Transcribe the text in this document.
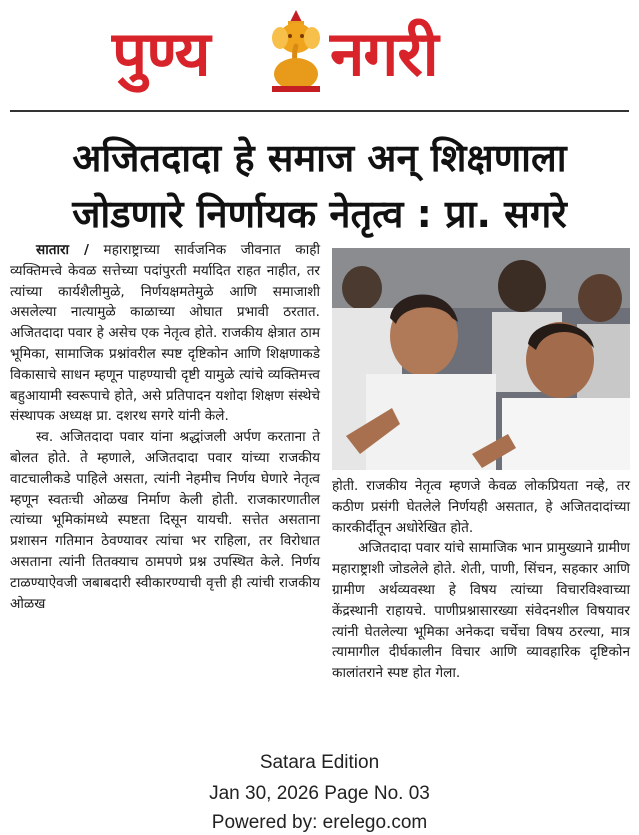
पुण्य नगरी
अजितदादा हे समाज अन् शिक्षणाला
जोडणारे निर्णायक नेतृत्व : प्रा. सगरे

सातारा / महाराष्ट्राच्या सार्वजनिक जीवनात काही व्यक्तिमत्त्वे केवळ सत्तेच्या पदांपुरती मर्यादित राहत नाहीत, तर त्यांच्या कार्यशैलीमुळे, निर्णयक्षमतेमुळे आणि समाजाशी असलेल्या नात्यामुळे काळाच्या ओघात प्रभावी ठरतात. अजितदादा पवार हे असेच एक नेतृत्व होते. राजकीय क्षेत्रात ठाम भूमिका, सामाजिक प्रश्नांवरील स्पष्ट दृष्टिकोन आणि शिक्षणाकडे विकासाचे साधन म्हणून पाहण्याची दृष्टी यामुळे त्यांचे व्यक्तिमत्त्व बहुआयामी स्वरूपाचे होते, असे प्रतिपादन यशोदा शिक्षण संस्थेचे संस्थापक अध्यक्ष प्रा. दशरथ सगरे यांनी केले.

स्व. अजितदादा पवार यांना श्रद्धांजली अर्पण करताना ते बोलत होते. ते म्हणाले, अजितदादा पवार यांच्या राजकीय वाटचालीकडे पाहिले असता, त्यांनी नेहमीच निर्णय घेणारे नेतृत्व म्हणून स्वतःची ओळख निर्माण केली होती. राजकारणातील त्यांच्या भूमिकांमध्ये स्पष्टता दिसून यायची. सत्तेत असताना प्रशासन गतिमान ठेवण्यावर त्यांचा भर राहिला, तर विरोधात असताना त्यांनी तितक्याच ठामपणे प्रश्न उपस्थित केले. निर्णय टाळण्याऐवजी जबाबदारी स्वीकारण्याची वृत्ती ही त्यांची राजकीय ओळख

होती. राजकीय नेतृत्व म्हणजे केवळ लोकप्रियता नव्हे, तर कठीण प्रसंगी घेतलेले निर्णयही असतात, हे अजितदादांच्या कारकीर्दीतून अधोरेखित होते.

अजितदादा पवार यांचे सामाजिक भान प्रामुख्याने ग्रामीण महाराष्ट्राशी जोडलेले होते. शेती, पाणी, सिंचन, सहकार आणि ग्रामीण अर्थव्यवस्था हे विषय त्यांच्या विचारविश्वाच्या केंद्रस्थानी राहायचे. पाणीप्रश्नासारख्या संवेदनशील विषयावर त्यांनी घेतलेल्या भूमिका अनेकदा चर्चेचा विषय ठरल्या, मात्र त्यामागील दीर्घकालीन विचार आणि व्यावहारिक दृष्टिकोन कालांतराने स्पष्ट होत गेला.

Satara Edition
Jan 30, 2026 Page No. 03
Powered by: erelego.com
